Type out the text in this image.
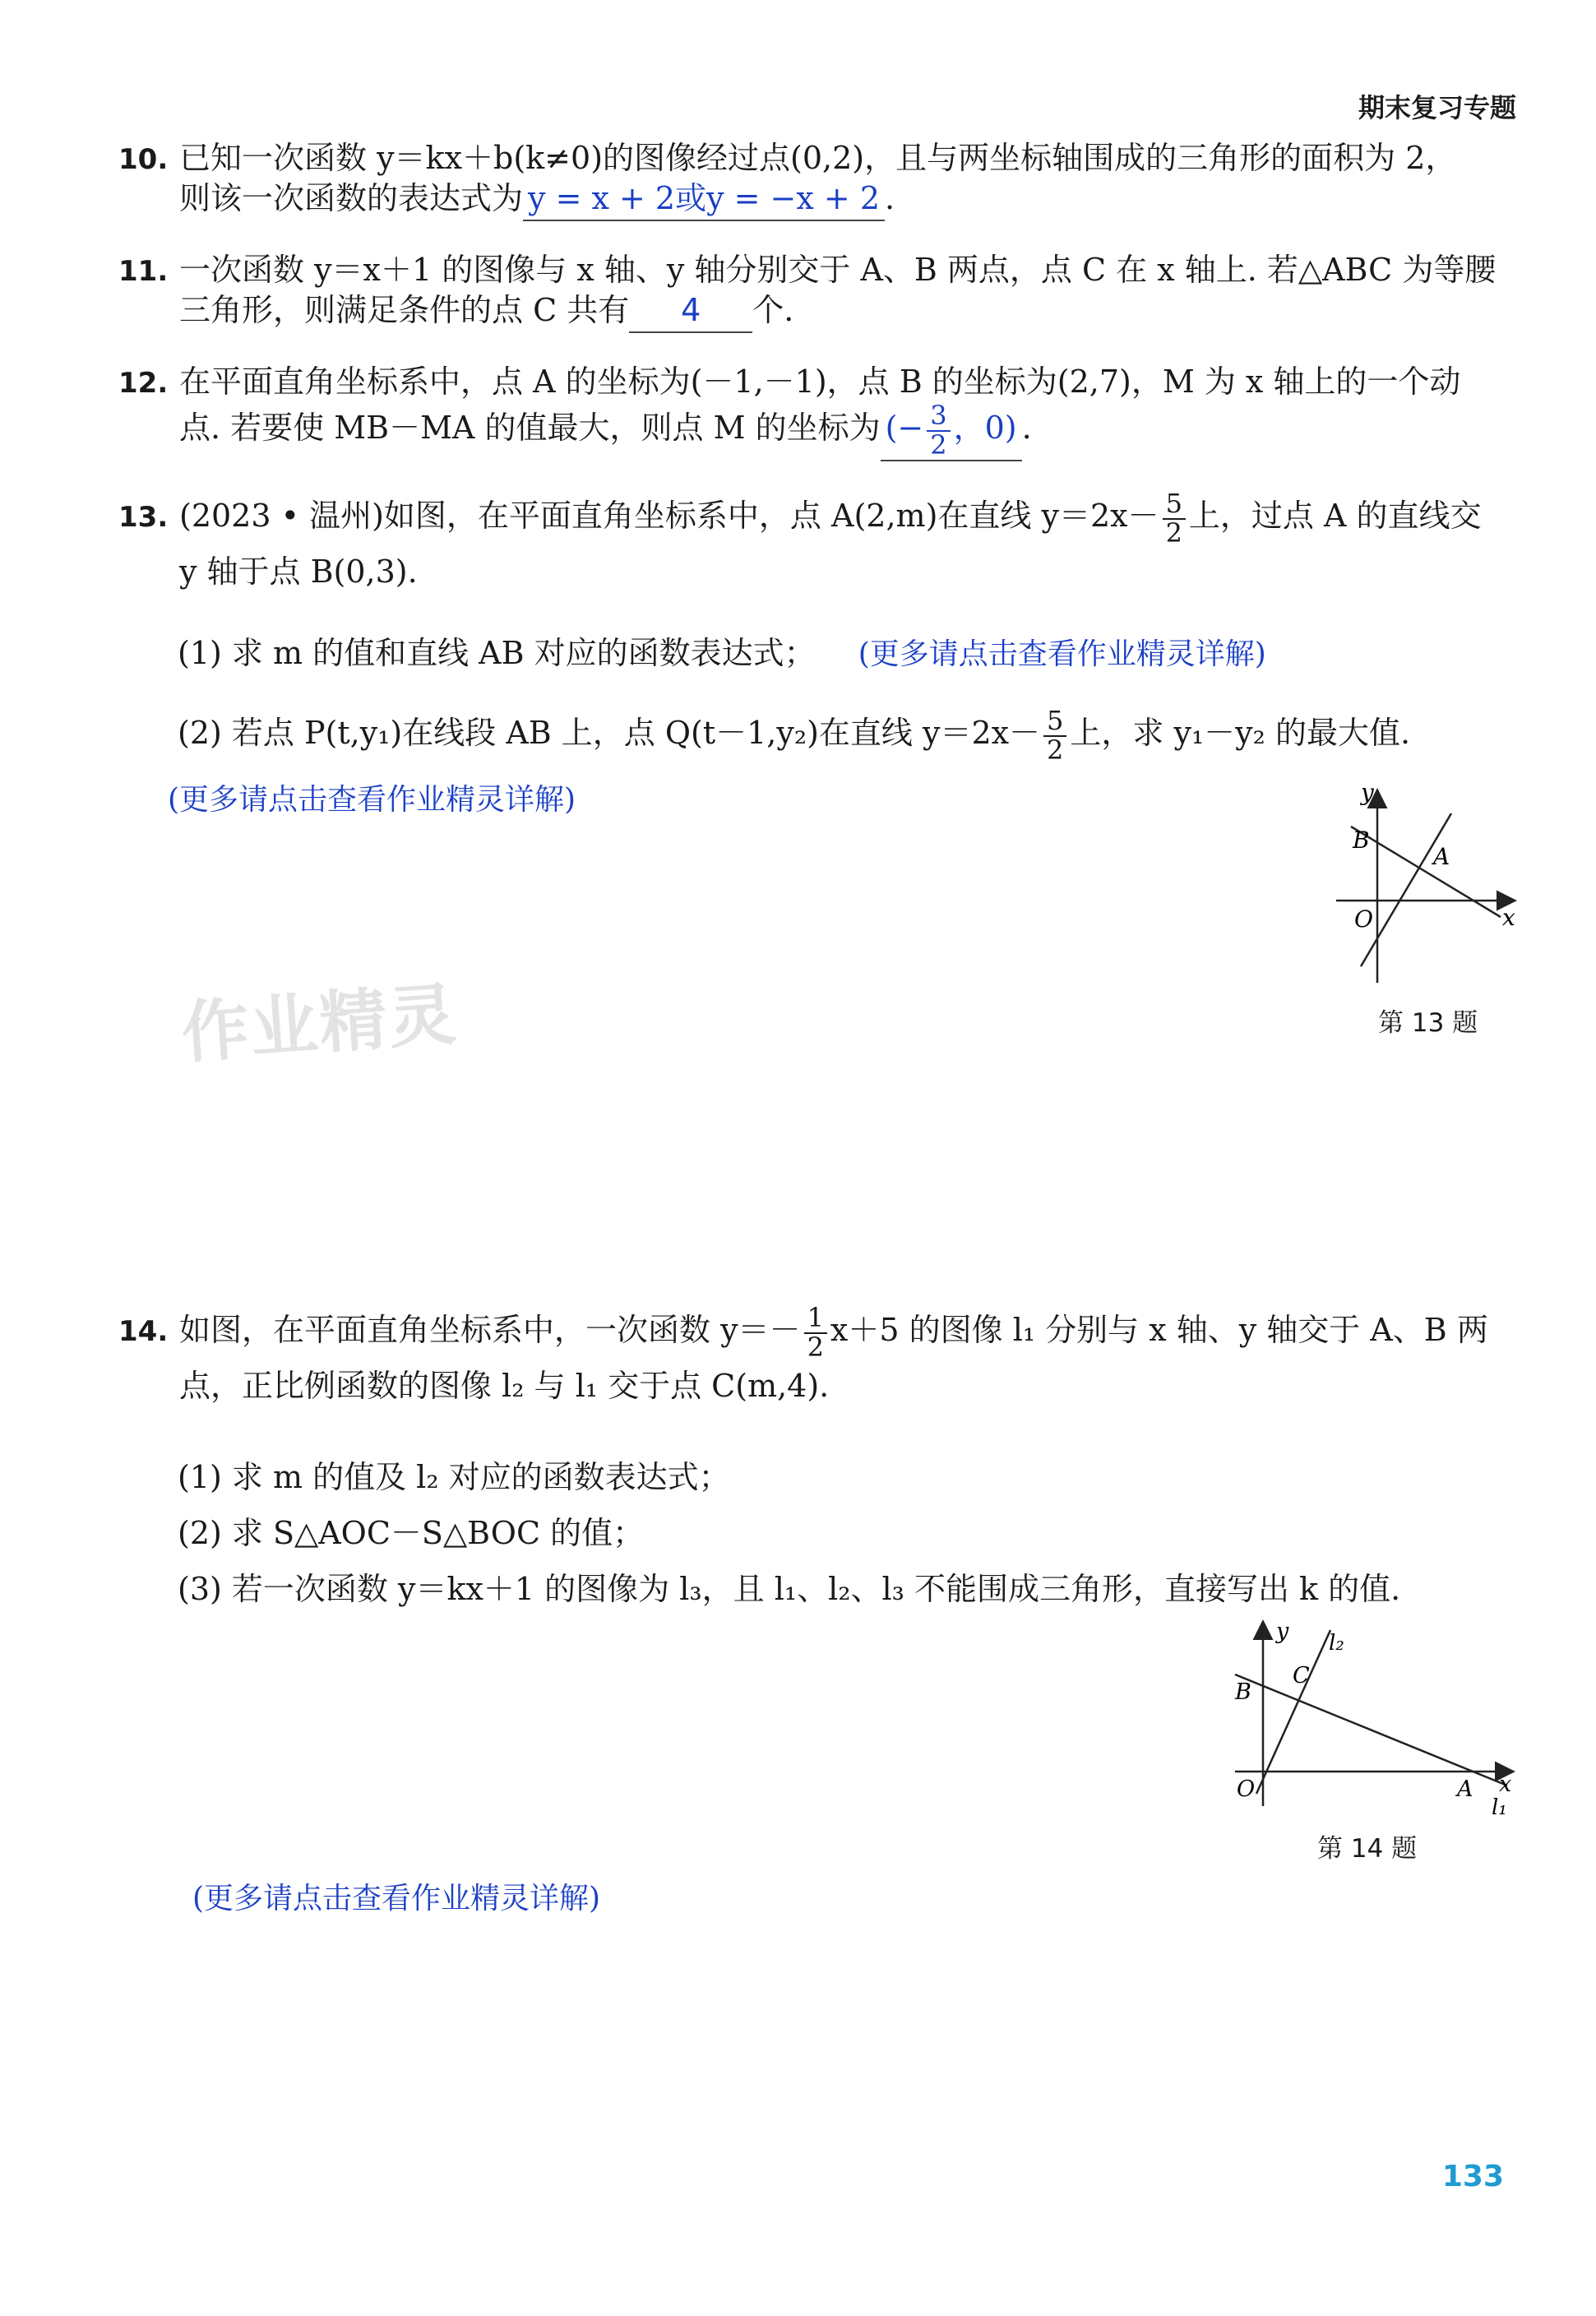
期末复习专题
作业精灵
10. 已知一次函数 y＝kx＋b(k≠0)的图像经过点(0,2)，且与两坐标轴围成的三角形的面积为 2，
则该一次函数的表达式为 y = x + 2或y = −x + 2 .
11. 一次函数 y＝x＋1 的图像与 x 轴、y 轴分别交于 A、B 两点，点 C 在 x 轴上. 若△ABC 为等腰
三角形，则满足条件的点 C 共有 4 个.
12. 在平面直角坐标系中，点 A 的坐标为(－1,－1)，点 B 的坐标为(2,7)，M 为 x 轴上的一个动
点. 若要使 MB－MA 的值最大，则点 M 的坐标为 (− $\frac{3}{2}$ ，0) .
13. (2023 • 温州)如图，在平面直角坐标系中，点 A(2,m)在直线 $y=2x- \frac{5}{2}$ 上，过点 A 的直线交
y 轴于点 B(0,3).
(1) 求 m 的值和直线 AB 对应的函数表达式； (更多请点击查看作业精灵详解)
(2) 若点 P(t,y₁)在线段 AB 上，点 Q(t－1,y₂)在直线 $y=2x- \frac{5}{2}$ 上，求 y₁－y₂ 的最大值.
(更多请点击查看作业精灵详解)	y
x
O
B
A
第 13 题
14. 如图，在平面直角坐标系中，一次函数 $y=- \frac{1}{2} x+5$ 的图像 l₁ 分别与 x 轴、y 轴交于 A、B 两
点，正比例函数的图像 l₂ 与 l₁ 交于点 C(m,4).
(1) 求 m 的值及 l₂ 对应的函数表达式；
(2) 求 S△AOC－S△BOC 的值；
(3) 若一次函数 y＝kx＋1 的图像为 l₃，且 l₁、l₂、l₃ 不能围成三角形，直接写出 k 的值.
y
x
O
B
C
A
l₂
l₁
第 14 题
(更多请点击查看作业精灵详解)
133
